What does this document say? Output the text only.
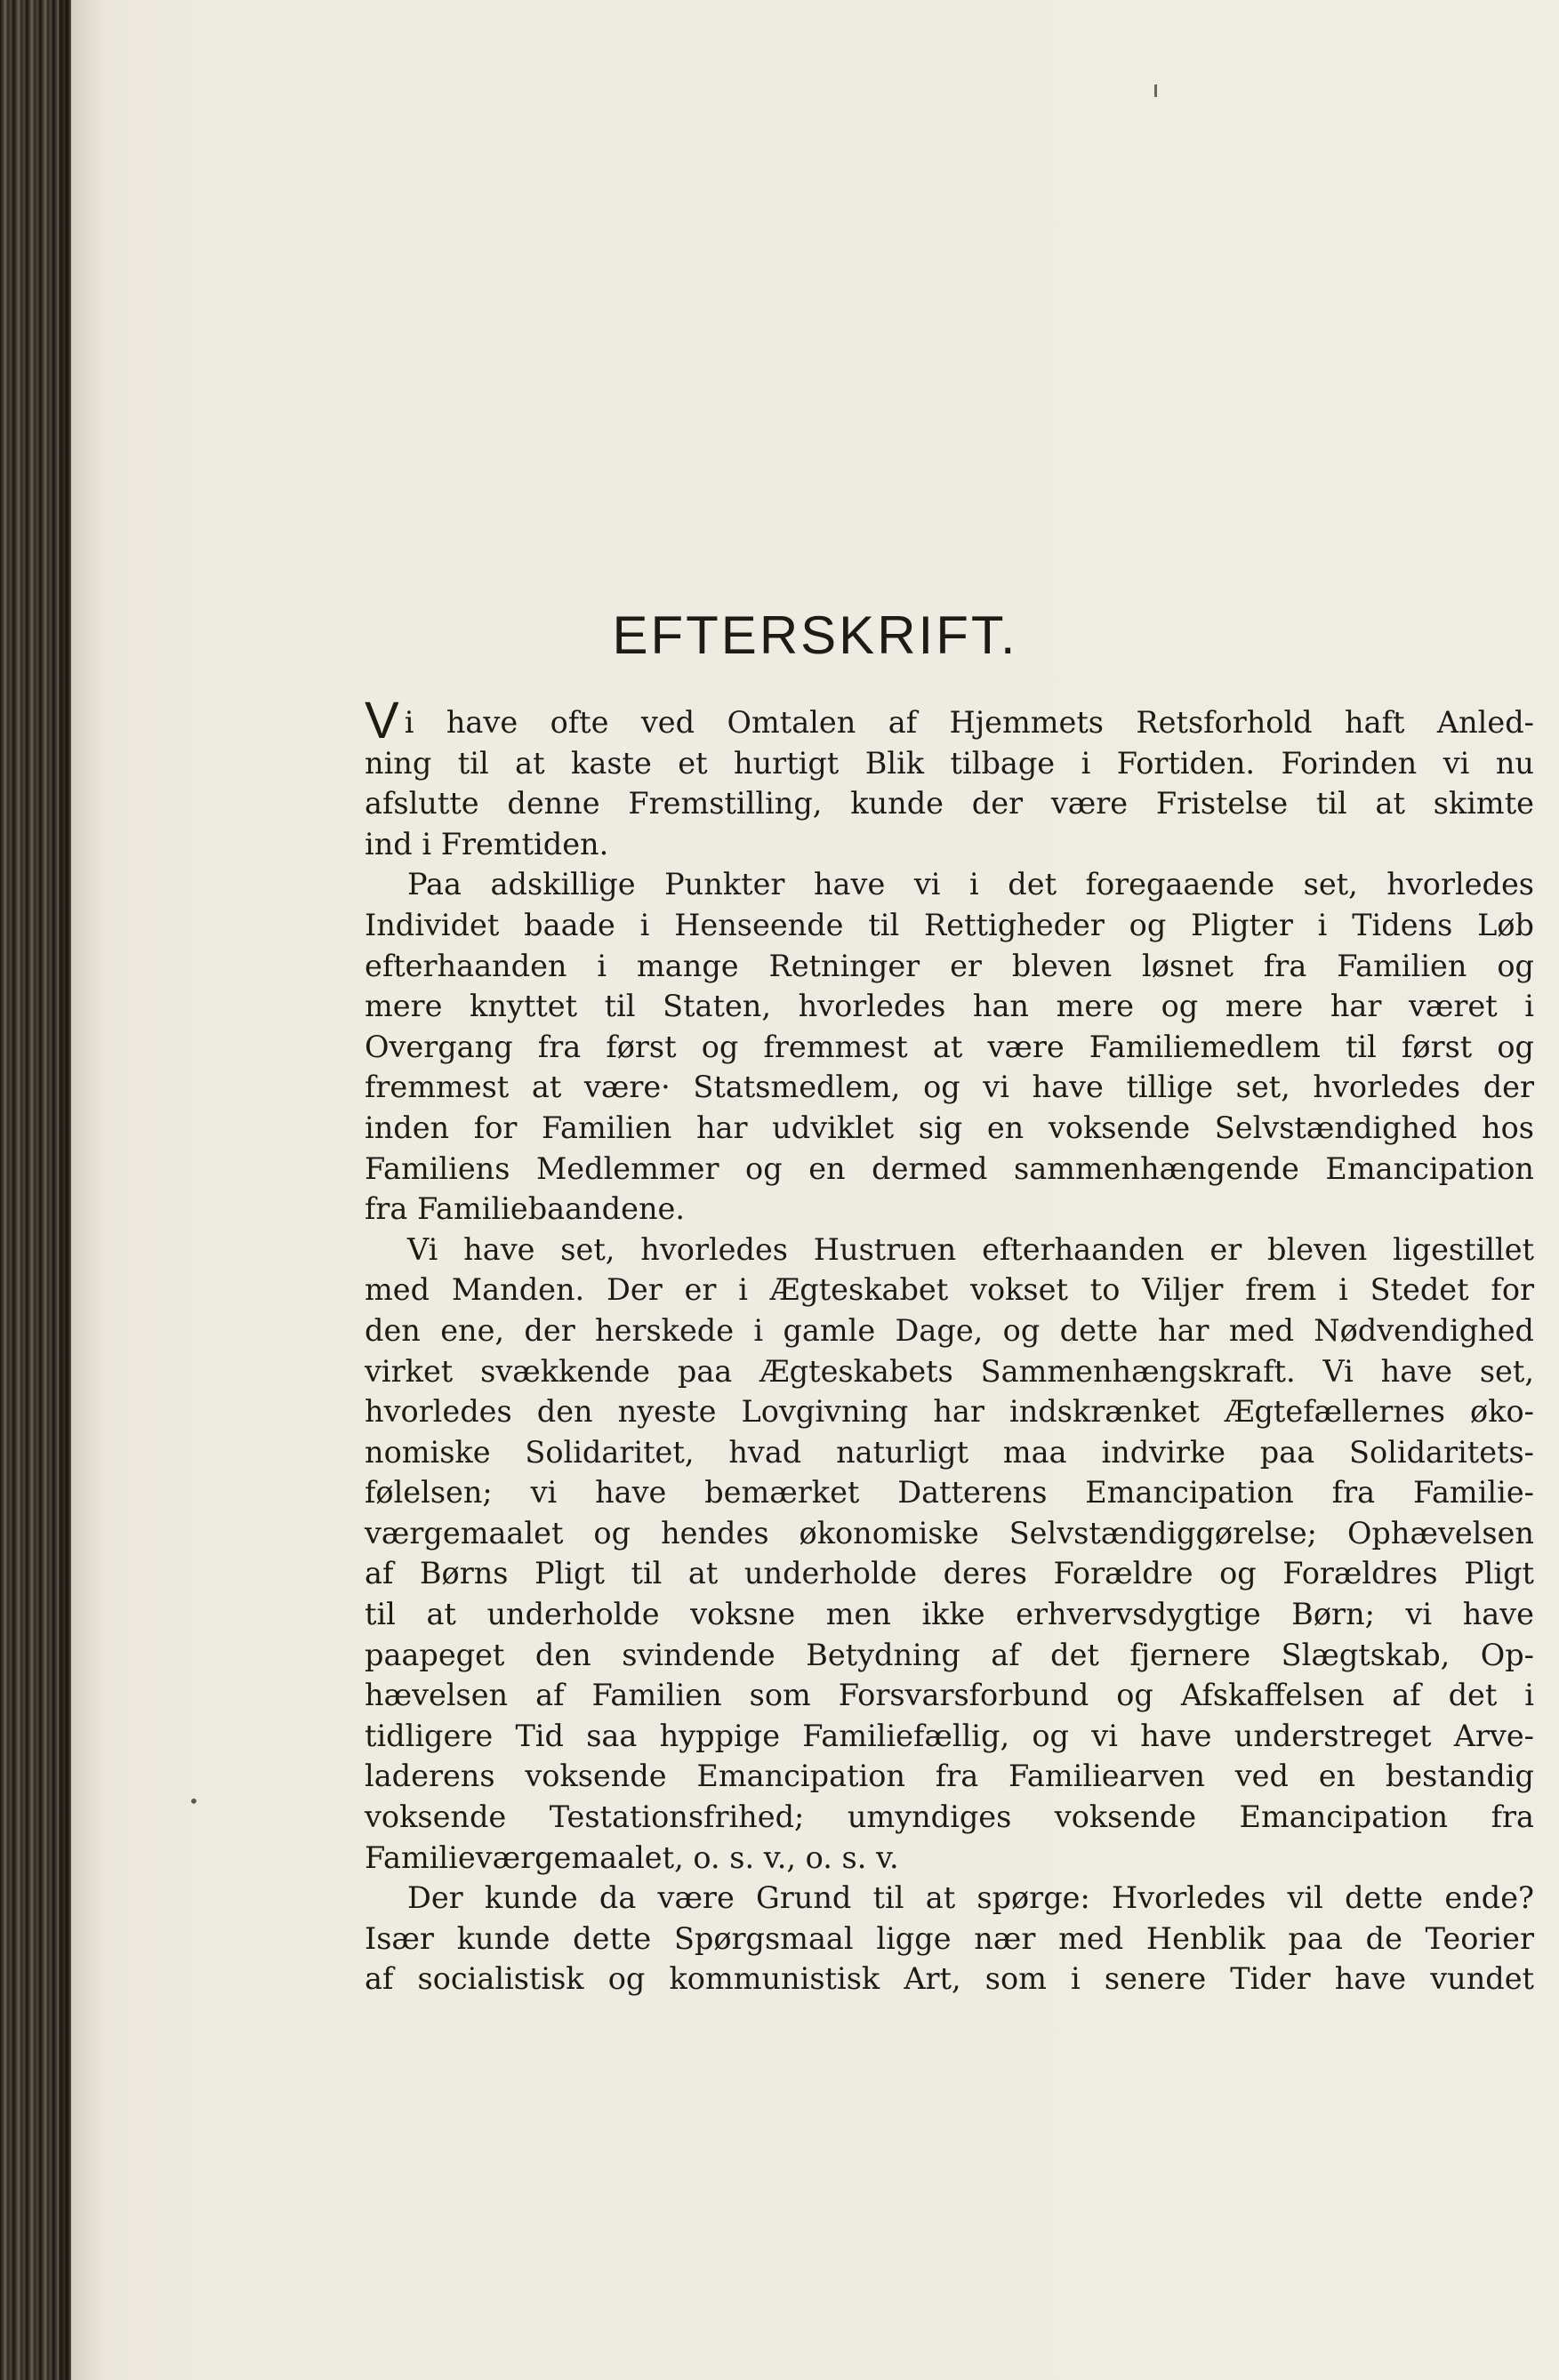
•
EFTERSKRIFT.
Vi have ofte ved Omtalen af Hjemmets Retsforhold haft Anled-
ning til at kaste et hurtigt Blik tilbage i Fortiden. Forinden vi nu
afslutte denne Fremstilling, kunde der være Fristelse til at skimte
ind i Fremtiden.
Paa adskillige Punkter have vi i det foregaaende set, hvorledes
Individet baade i Henseende til Rettigheder og Pligter i Tidens Løb
efterhaanden i mange Retninger er bleven løsnet fra Familien og
mere knyttet til Staten, hvorledes han mere og mere har været i
Overgang fra først og fremmest at være Familiemedlem til først og
fremmest at være· Statsmedlem, og vi have tillige set, hvorledes der
inden for Familien har udviklet sig en voksende Selvstændighed hos
Familiens Medlemmer og en dermed sammenhængende Emancipation
fra Familiebaandene.
Vi have set, hvorledes Hustruen efterhaanden er bleven ligestillet
med Manden. Der er i Ægteskabet vokset to Viljer frem i Stedet for
den ene, der herskede i gamle Dage, og dette har med Nødvendighed
virket svækkende paa Ægteskabets Sammenhængskraft. Vi have set,
hvorledes den nyeste Lovgivning har indskrænket Ægtefællernes øko-
nomiske Solidaritet, hvad naturligt maa indvirke paa Solidaritets-
følelsen; vi have bemærket Datterens Emancipation fra Familie-
værgemaalet og hendes økonomiske Selvstændiggørelse; Ophævelsen
af Børns Pligt til at underholde deres Forældre og Forældres Pligt
til at underholde voksne men ikke erhvervsdygtige Børn; vi have
paapeget den svindende Betydning af det fjernere Slægtskab, Op-
hævelsen af Familien som Forsvarsforbund og Afskaffelsen af det i
tidligere Tid saa hyppige Familiefællig, og vi have understreget Arve-
laderens voksende Emancipation fra Familiearven ved en bestandig
voksende Testationsfrihed; umyndiges voksende Emancipation fra
Familieværgemaalet, o. s. v., o. s. v.
Der kunde da være Grund til at spørge: Hvorledes vil dette ende?
Især kunde dette Spørgsmaal ligge nær med Henblik paa de Teorier
af socialistisk og kommunistisk Art, som i senere Tider have vundet
